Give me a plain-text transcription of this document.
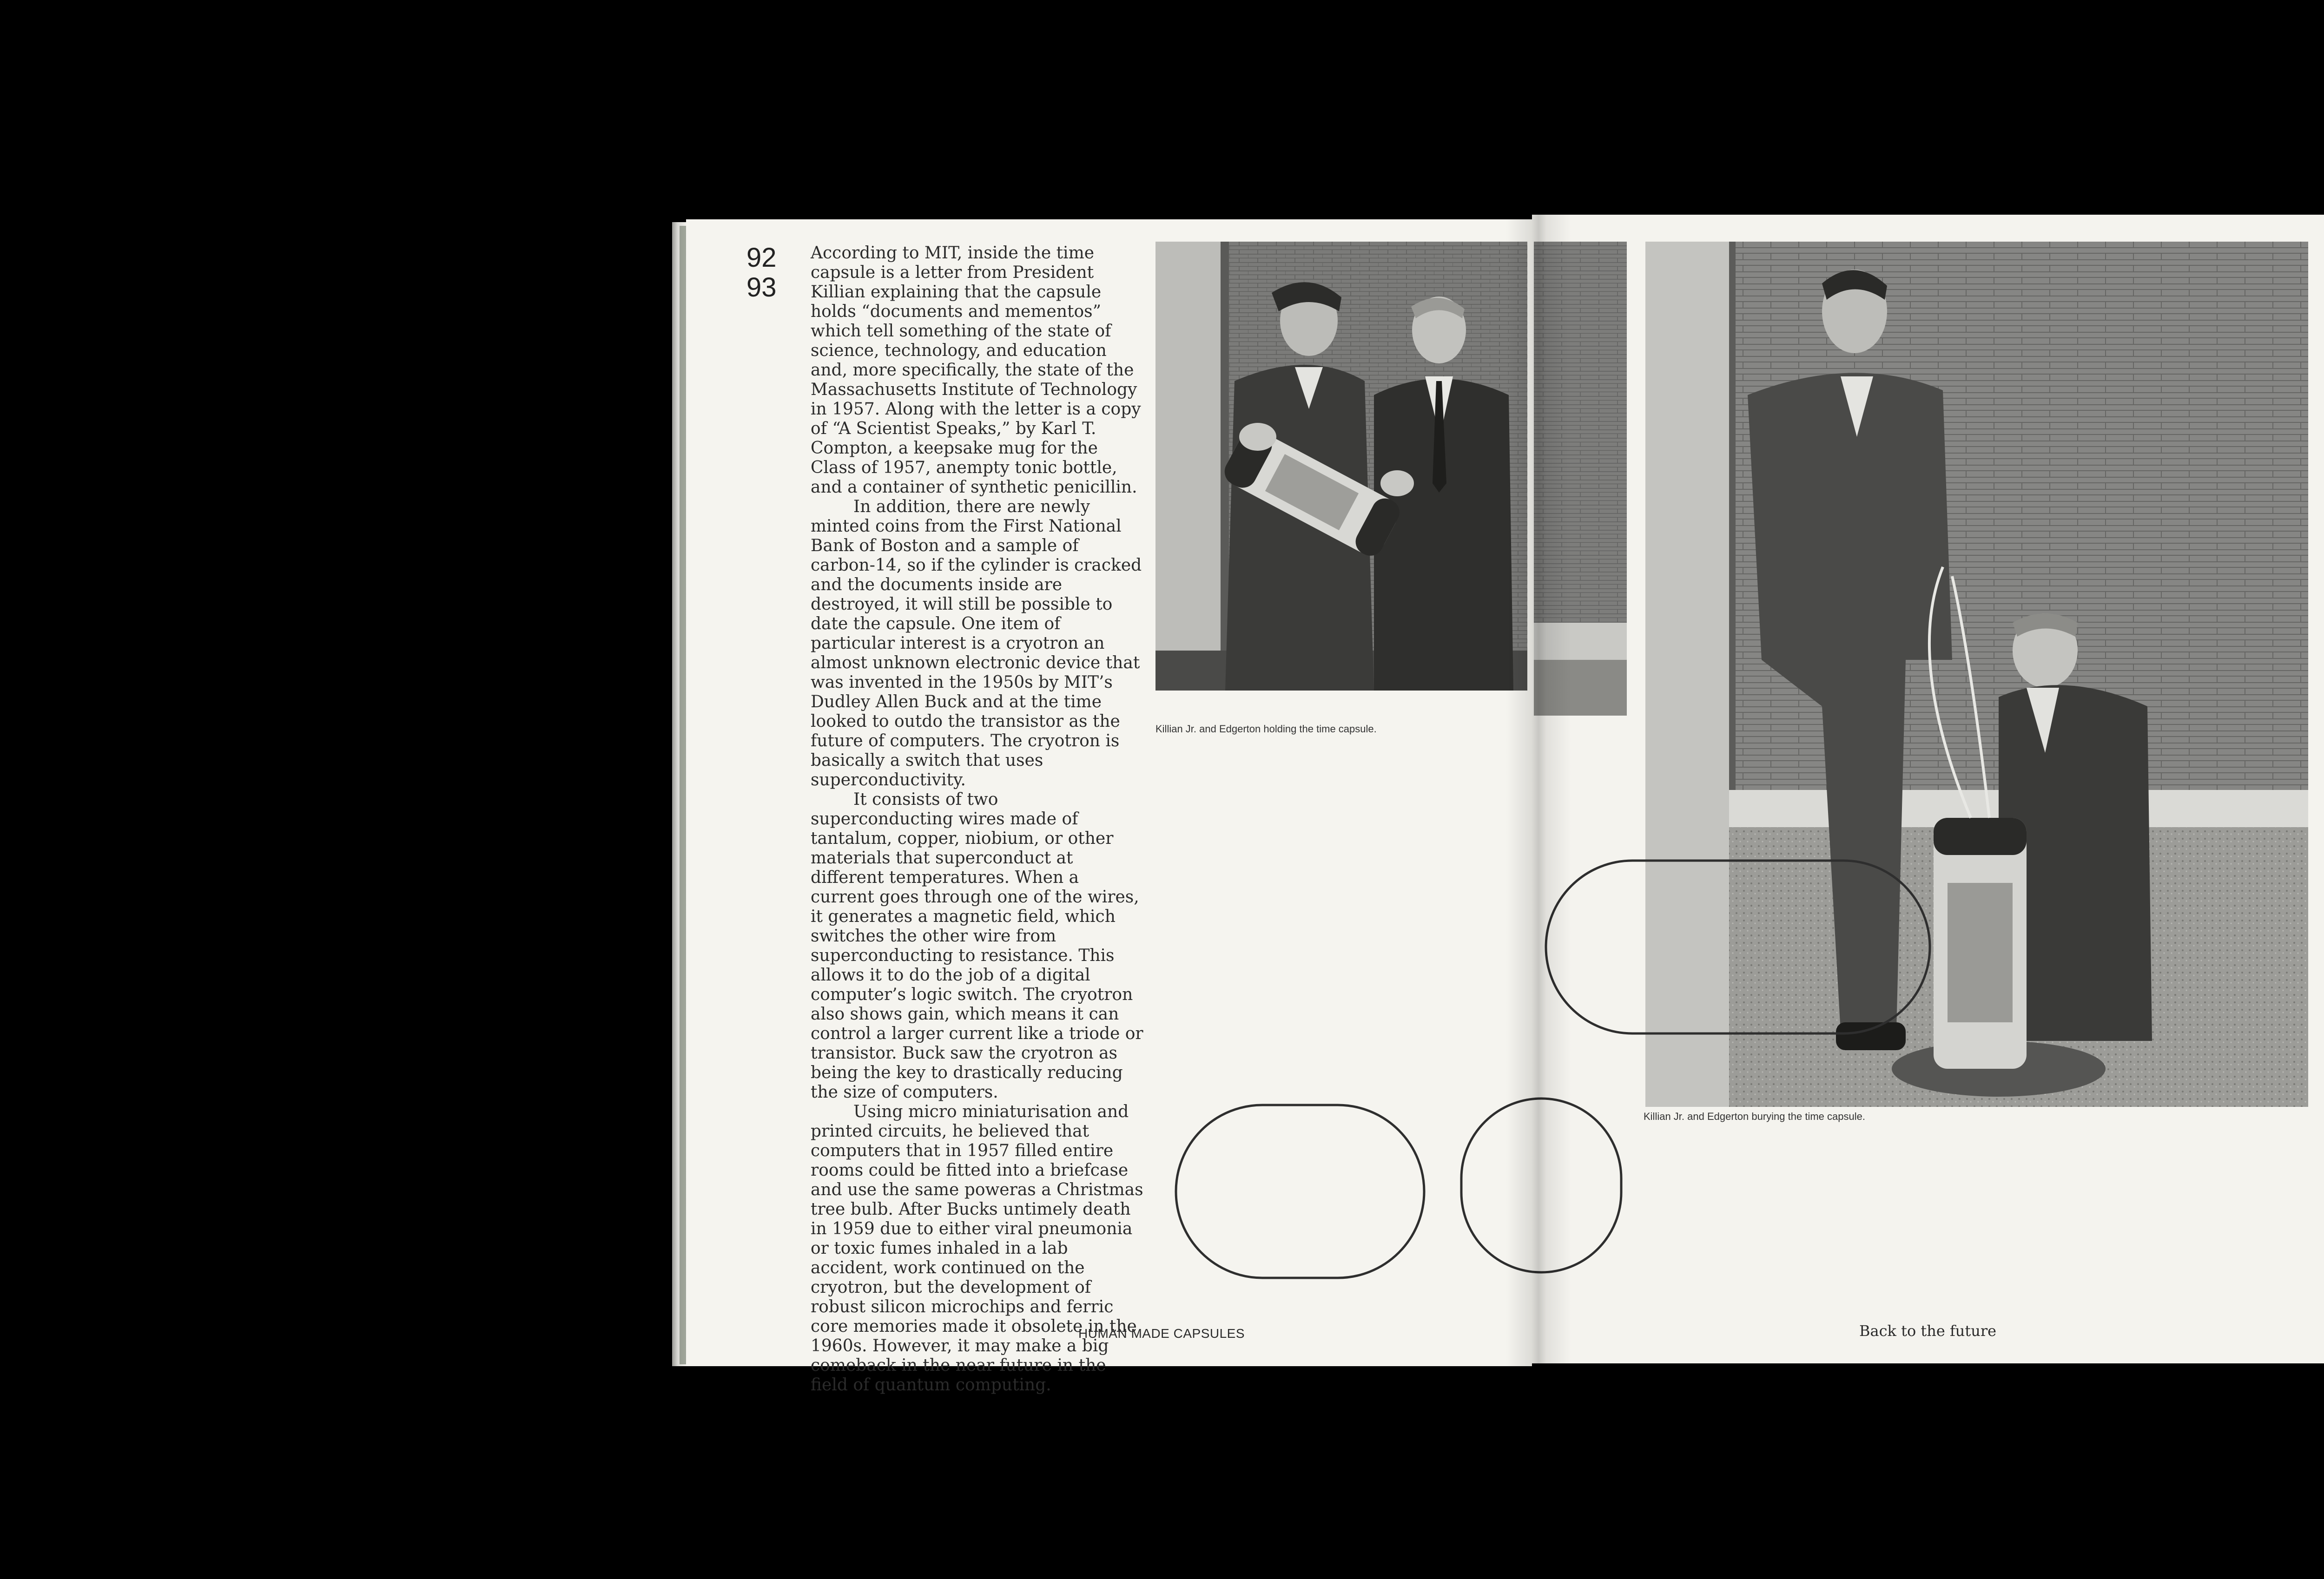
92
93

According to MIT, inside the time capsule is a letter from President Killian explaining that the capsule holds “documents and mementos” which tell something of the state of science, technology, and education and, more specifically, the state of the Massachusetts Institute of Technology in 1957. Along with the letter is a copy of “A Scientist Speaks,” by Karl T. Compton, a keepsake mug for the Class of 1957, anempty tonic bottle, and a container of synthetic penicillin.

In addition, there are newly minted coins from the First National Bank of Boston and a sample of carbon-14, so if the cylinder is cracked and the documents inside are destroyed, it will still be possible to date the capsule. One item of particular interest is a cryotron an almost unknown electronic device that was invented in the 1950s by MIT’s Dudley Allen Buck and at the time looked to outdo the transistor as the future of computers. The cryotron is basically a switch that uses superconductivity.

It consists of two superconducting wires made of tantalum, copper, niobium, or other materials that superconduct at different temperatures. When a current goes through one of the wires, it generates a magnetic field, which switches the other wire from superconducting to resistance. This allows it to do the job of a digital computer’s logic switch. The cryotron also shows gain, which means it can control a larger current like a triode or transistor. Buck saw the cryotron as being the key to drastically reducing the size of computers.

Using micro miniaturisation and printed circuits, he believed that computers that in 1957 filled entire rooms could be fitted into a briefcase and use the same poweras a Christmas tree bulb. After Bucks untimely death in 1959 due to either viral pneumonia or toxic fumes inhaled in a lab accident, work continued on the cryotron, but the development of robust silicon microchips and ferric core memories made it obsolete in the 1960s. However, it may make a big comeback in the near future in the field of quantum computing.

Killian Jr. and Edgerton holding the time capsule.
Killian Jr. and Edgerton burying the time capsule.
HUMAN MADE CAPSULES	Back to the future
